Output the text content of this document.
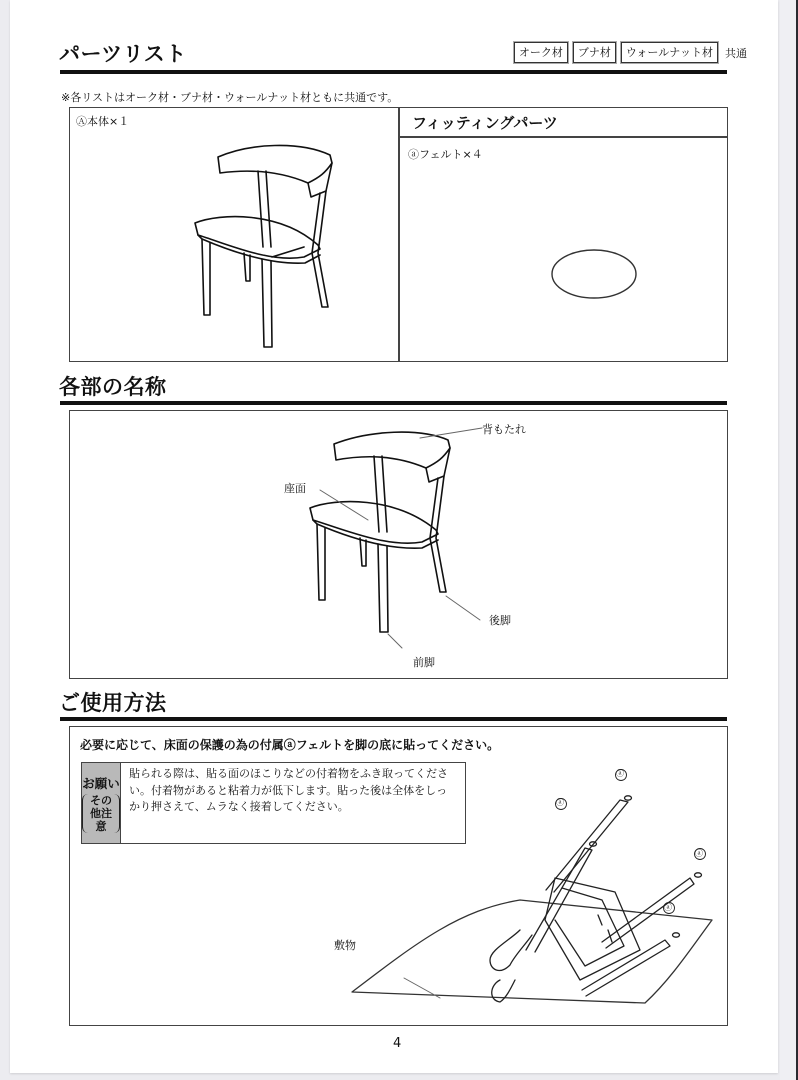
パーツリスト	オーク材	ブナ材	ウォールナット材	共通
※各リストはオーク材・ブナ材・ウォールナット材ともに共通です。
Ⓐ本体×１	フィッティングパーツ
ⓐフェルト×４
各部の名称
背もたれ
座面
後脚
前脚
ご使用方法
必要に応じて、床面の保護の為の付属ⓐフェルトを脚の底に貼ってください。
お願い
その他注意
貼られる際は、貼る面のほこりなどの付着物をふき取ってください。付着物があると粘着力が低下します。貼った後は全体をしっかり押さえて、ムラなく接着してください。	ⓐ
ⓐ
ⓐ
ⓐ
敷物
4
